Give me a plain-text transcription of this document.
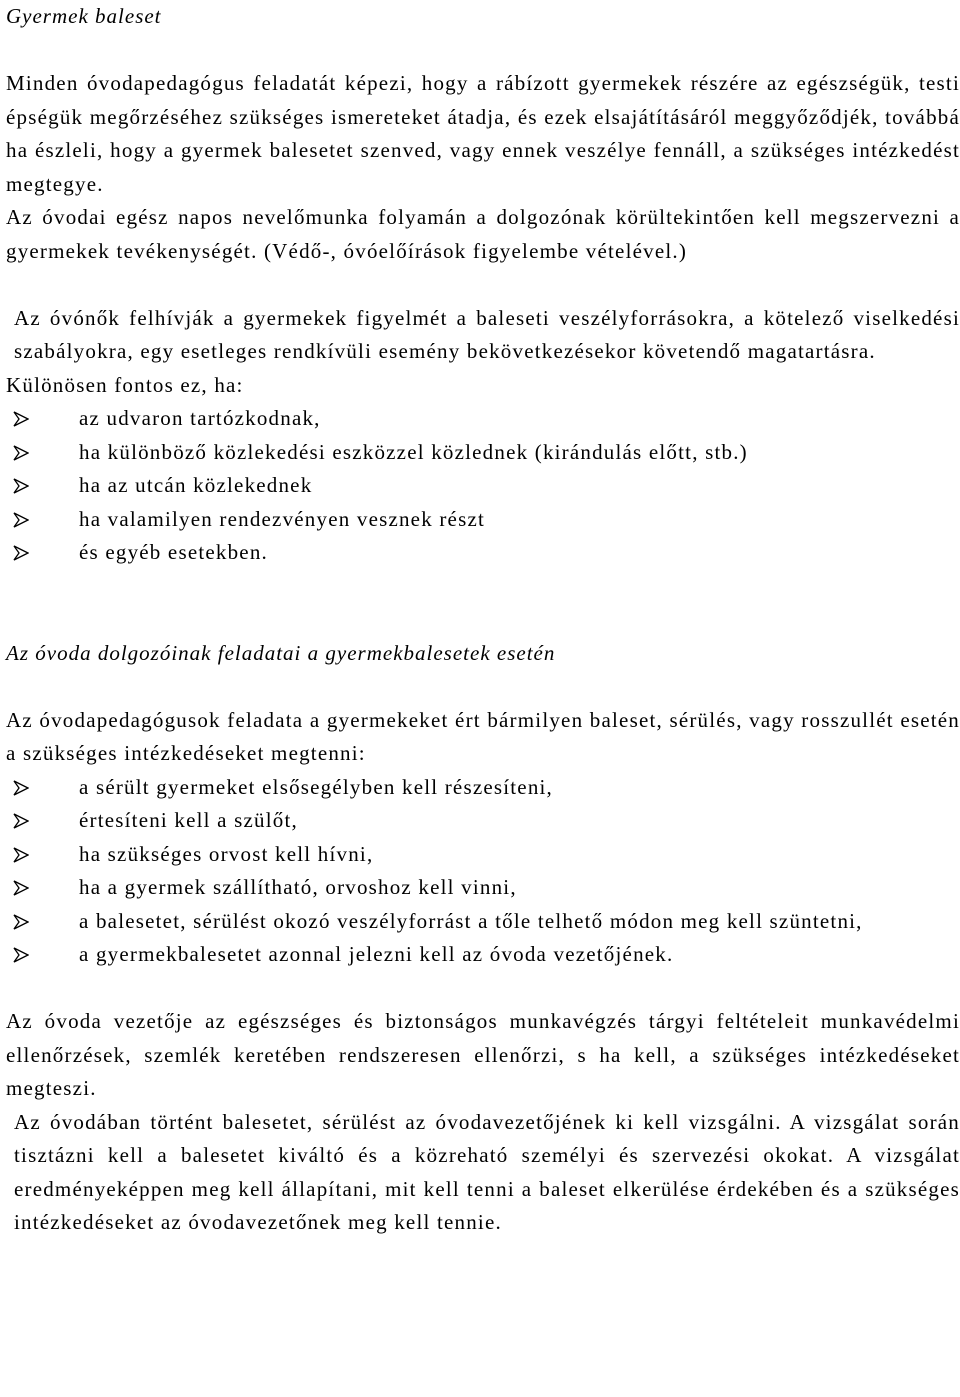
Gyermek baleset

Minden óvodapedagógus feladatát képezi, hogy a rábízott gyermekek részére az egészségük, testi épségük megőrzéséhez szükséges ismereteket átadja, és ezek elsajátításáról meggyőződjék, továbbá ha észleli, hogy a gyermek balesetet szenved, vagy ennek veszélye fennáll, a szükséges intézkedést megtegye.

Az óvodai egész napos nevelőmunka folyamán a dolgozónak körültekintően kell megszervezni a gyermekek tevékenységét. (Védő-, óvóelőírások figyelembe vételével.)

Az óvónők felhívják a gyermekek figyelmét a baleseti veszélyforrásokra, a kötelező viselkedési szabályokra, egy esetleges rendkívüli esemény bekövetkezésekor követendő magatartásra.

Különösen fontos ez, ha:

az udvaron tartózkodnak,
ha különböző közlekedési eszközzel közlednek (kirándulás előtt, stb.)
ha az utcán közlekednek
ha valamilyen rendezvényen vesznek részt
és egyéb esetekben.
Az óvoda dolgozóinak feladatai a gyermekbalesetek esetén

Az óvodapedagógusok feladata a gyermekeket ért bármilyen baleset, sérülés, vagy rosszullét esetén a szükséges intézkedéseket megtenni:

a sérült gyermeket elsősegélyben kell részesíteni,
értesíteni kell a szülőt,
ha szükséges orvost kell hívni,
ha a gyermek szállítható, orvoshoz kell vinni,
a balesetet, sérülést okozó veszélyforrást a tőle telhető módon meg kell szüntetni,
a gyermekbalesetet azonnal jelezni kell az óvoda vezetőjének.

Az óvoda vezetője az egészséges és biztonságos munkavégzés tárgyi feltételeit munkavédelmi ellenőrzések, szemlék keretében rendszeresen ellenőrzi, s ha kell, a szükséges intézkedéseket megteszi.

Az óvodában történt balesetet, sérülést az óvodavezetőjének ki kell vizsgálni. A vizsgálat során tisztázni kell a balesetet kiváltó és a közreható személyi és szervezési okokat. A vizsgálat eredményeképpen meg kell állapítani, mit kell tenni a baleset elkerülése érdekében és a szükséges intézkedéseket az óvodavezetőnek meg kell tennie.
